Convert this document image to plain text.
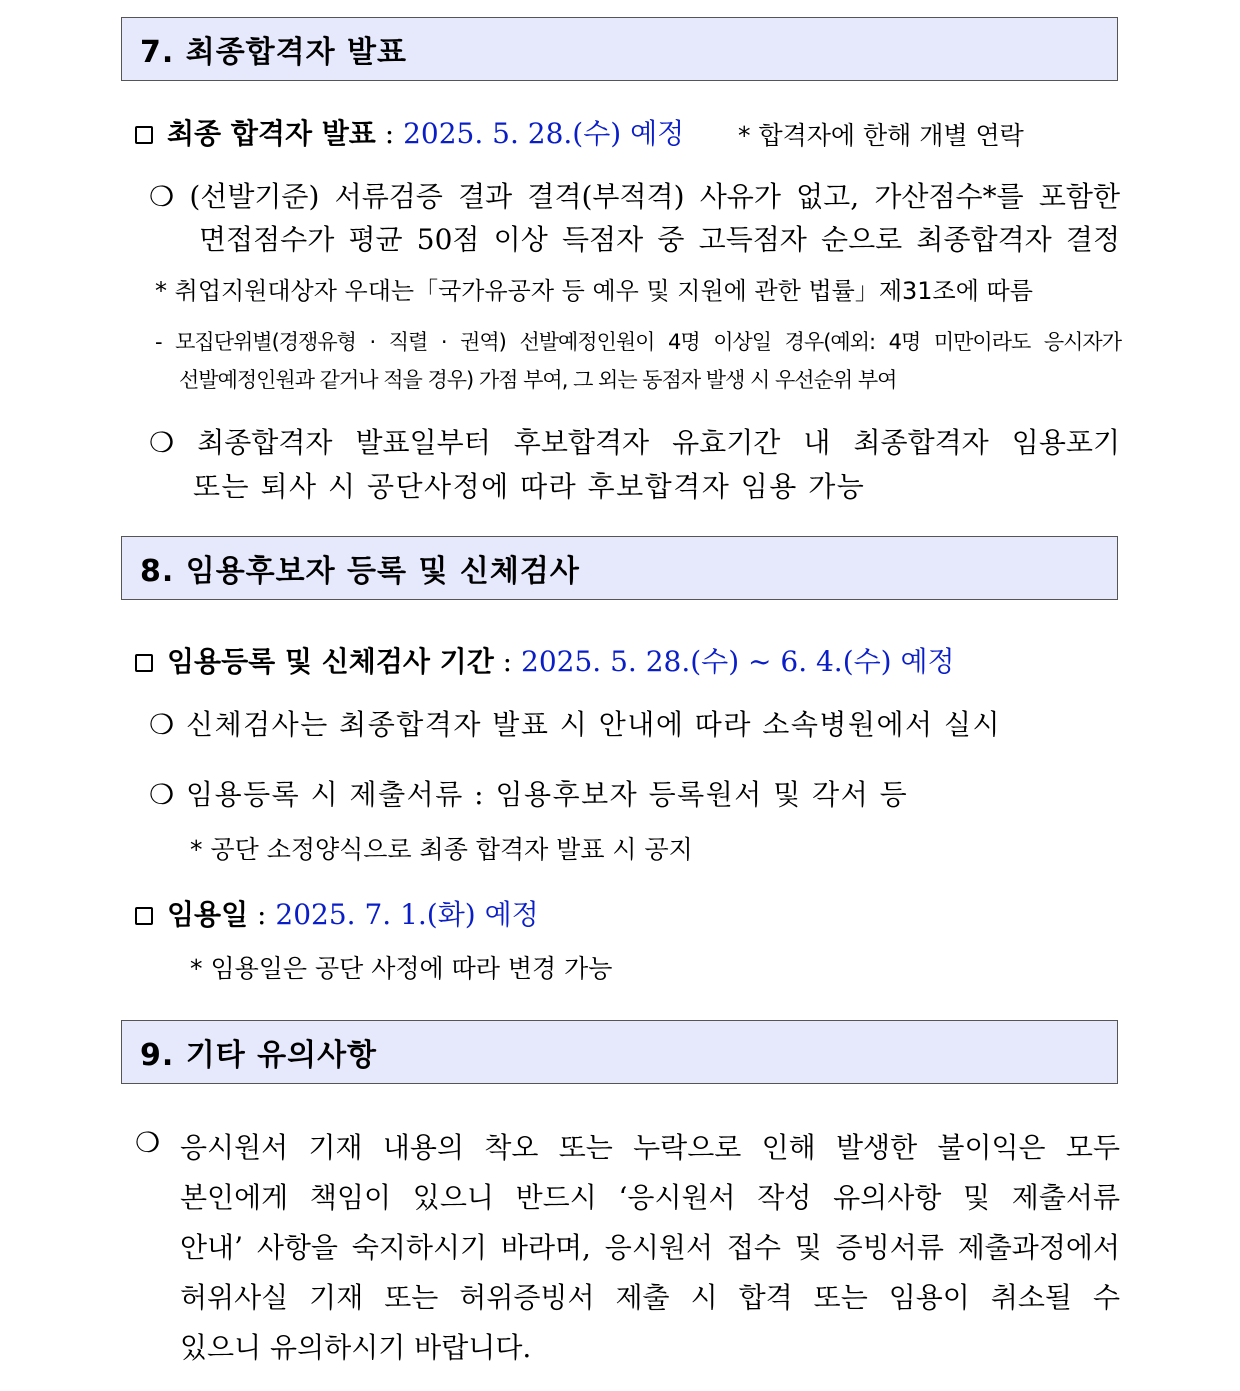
7. 최종합격자 발표
최종 합격자 발표 : 2025. 5. 28.(수) 예정 * 합격자에 한해 개별 연락
❍ (선발기준) 서류검증 결과 결격(부적격) 사유가 없고, 가산점수*를 포함한
면접점수가 평균 50점 이상 득점자 중 고득점자 순으로 최종합격자 결정
* 취업지원대상자 우대는「국가유공자 등 예우 및 지원에 관한 법률」제31조에 따름
- 모집단위별(경쟁유형 · 직렬 · 권역) 선발예정인원이 4명 이상일 경우(예외: 4명 미만이라도 응시자가
선발예정인원과 같거나 적을 경우) 가점 부여, 그 외는 동점자 발생 시 우선순위 부여
❍ 최종합격자 발표일부터 후보합격자 유효기간 내 최종합격자 임용포기
또는 퇴사 시 공단사정에 따라 후보합격자 임용 가능
8. 임용후보자 등록 및 신체검사
임용등록 및 신체검사 기간 : 2025. 5. 28.(수) ~ 6. 4.(수) 예정
❍ 신체검사는 최종합격자 발표 시 안내에 따라 소속병원에서 실시
❍ 임용등록 시 제출서류 : 임용후보자 등록원서 및 각서 등
* 공단 소정양식으로 최종 합격자 발표 시 공지
임용일 : 2025. 7. 1.(화) 예정
* 임용일은 공단 사정에 따라 변경 가능
9. 기타 유의사항
❍ 응시원서 기재 내용의 착오 또는 누락으로 인해 발생한 불이익은 모두
본인에게 책임이 있으니 반드시 ‘응시원서 작성 유의사항 및 제출서류
안내’ 사항을 숙지하시기 바라며, 응시원서 접수 및 증빙서류 제출과정에서
허위사실 기재 또는 허위증빙서 제출 시 합격 또는 임용이 취소될 수
있으니 유의하시기 바랍니다.
